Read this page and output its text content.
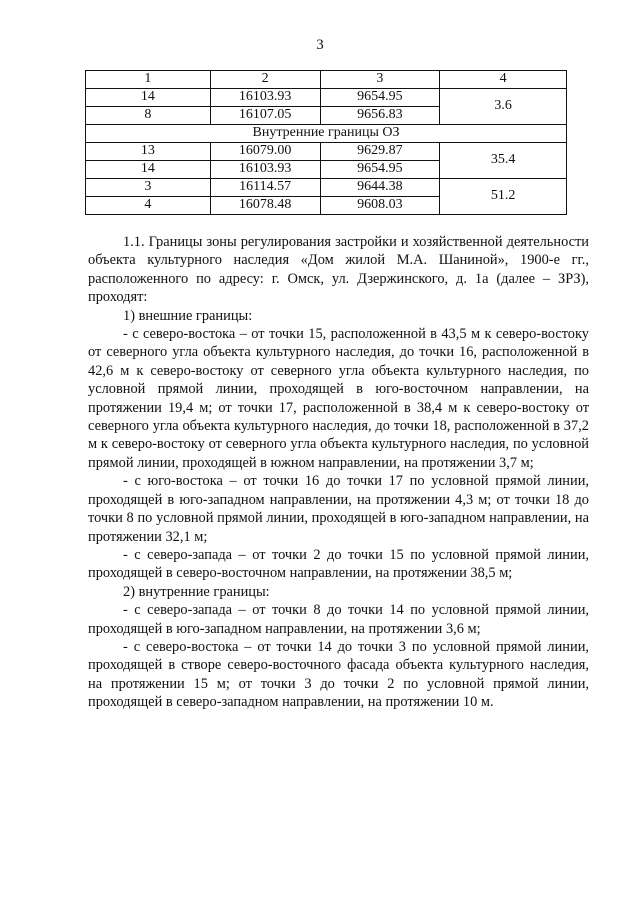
3
1	2	3	4
14	16103.93	9654.95	3.6
8	16107.05	9656.83	
Внутренние границы ОЗ			
13	16079.00	9629.87	35.4
14	16103.93	9654.95	
3	16114.57	9644.38	51.2
4	16078.48	9608.03	

1.1. Границы зоны регулирования застройки и хозяйственной деятельности объекта культурного наследия «Дом жилой М.А. Шаниной», 1900-е гг., расположенного по адресу: г. Омск, ул. Дзержинского, д. 1а (далее – ЗРЗ), проходят:

1) внешние границы:

- с северо-востока – от точки 15, расположенной в 43,5 м к северо-востоку от северного угла объекта культурного наследия, до точки 16, расположенной в 42,6 м к северо-востоку от северного угла объекта культурного наследия, по условной прямой линии, проходящей в юго-восточном направлении, на протяжении 19,4 м; от точки 17, расположенной в 38,4 м к северо-востоку от северного угла объекта культурного наследия, до точки 18, расположенной в 37,2 м к северо-востоку от северного угла объекта культурного наследия, по условной прямой линии, проходящей в южном направлении, на протяжении 3,7 м;

- с юго-востока – от точки 16 до точки 17 по условной прямой линии, проходящей в юго-западном направлении, на протяжении 4,3 м; от точки 18 до точки 8 по условной прямой линии, проходящей в юго-западном направлении, на протяжении 32,1 м;

- с северо-запада – от точки 2 до точки 15 по условной прямой линии, проходящей в северо-восточном направлении, на протяжении 38,5 м;

2) внутренние границы:

- с северо-запада – от точки 8 до точки 14 по условной прямой линии, проходящей в юго-западном направлении, на протяжении 3,6 м;

- с северо-востока – от точки 14 до точки 3 по условной прямой линии, проходящей в створе северо-восточного фасада объекта культурного наследия, на протяжении 15 м; от точки 3 до точки 2 по условной прямой линии, проходящей в северо-западном направлении, на протяжении 10 м.
